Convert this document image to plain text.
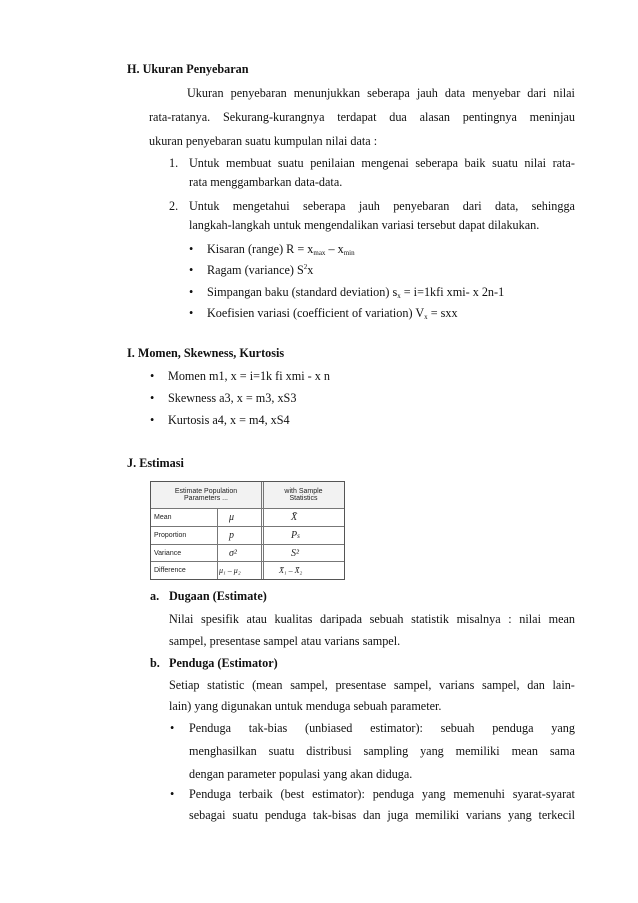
H. Ukuran Penyebaran
Ukuran penyebaran menunjukkan seberapa jauh data menyebar dari nilai
rata-ratanya. Sekurang-kurangnya terdapat dua alasan pentingnya meninjau
ukuran penyebaran suatu kumpulan nilai data :
1. Untuk membuat suatu penilaian mengenai seberapa baik suatu nilai rata-
rata menggambarkan data-data.
2. Untuk mengetahui seberapa jauh penyebaran dari data, sehingga
langkah-langkah untuk mengendalikan variasi tersebut dapat dilakukan.
• Kisaran (range) $R = x_{max} - x_{min}$
• Ragam (variance) $S^2x$
• Simpangan baku (standard deviation) $s_x = i=1kfi$ xmi- x 2n-1
• Koefisien variasi (coefficient of variation) $V_x$ = sxx
I. Momen, Skewness, Kurtosis
• Momen m1, x = i=1k fi xmi - x n
• Skewness a3, x = m3, xS3
• Kurtosis a4, x = m4, xS4
J. Estimasi
Estimate Population
Parameters ...
with Sample
Statistics
Mean	μ	X̄
Proportion	p	P s
Variance	σ²	S²
Difference	μ₁ – μ₂	X̄₁ – X̄₂
a. Dugaan (Estimate)
Nilai spesifik atau kualitas daripada sebuah statistik misalnya : nilai mean
sampel, presentase sampel atau varians sampel.
b. Penduga (Estimator)
Setiap statistic (mean sampel, presentase sampel, varians sampel, dan lain-
lain) yang digunakan untuk menduga sebuah parameter.
• Penduga tak-bias (unbiased estimator): sebuah penduga yang
menghasilkan suatu distribusi sampling yang memiliki mean sama
dengan parameter populasi yang akan diduga.
• Penduga terbaik (best estimator): penduga yang memenuhi syarat-syarat
sebagai suatu penduga tak-bisas dan juga memiliki varians yang terkecil
